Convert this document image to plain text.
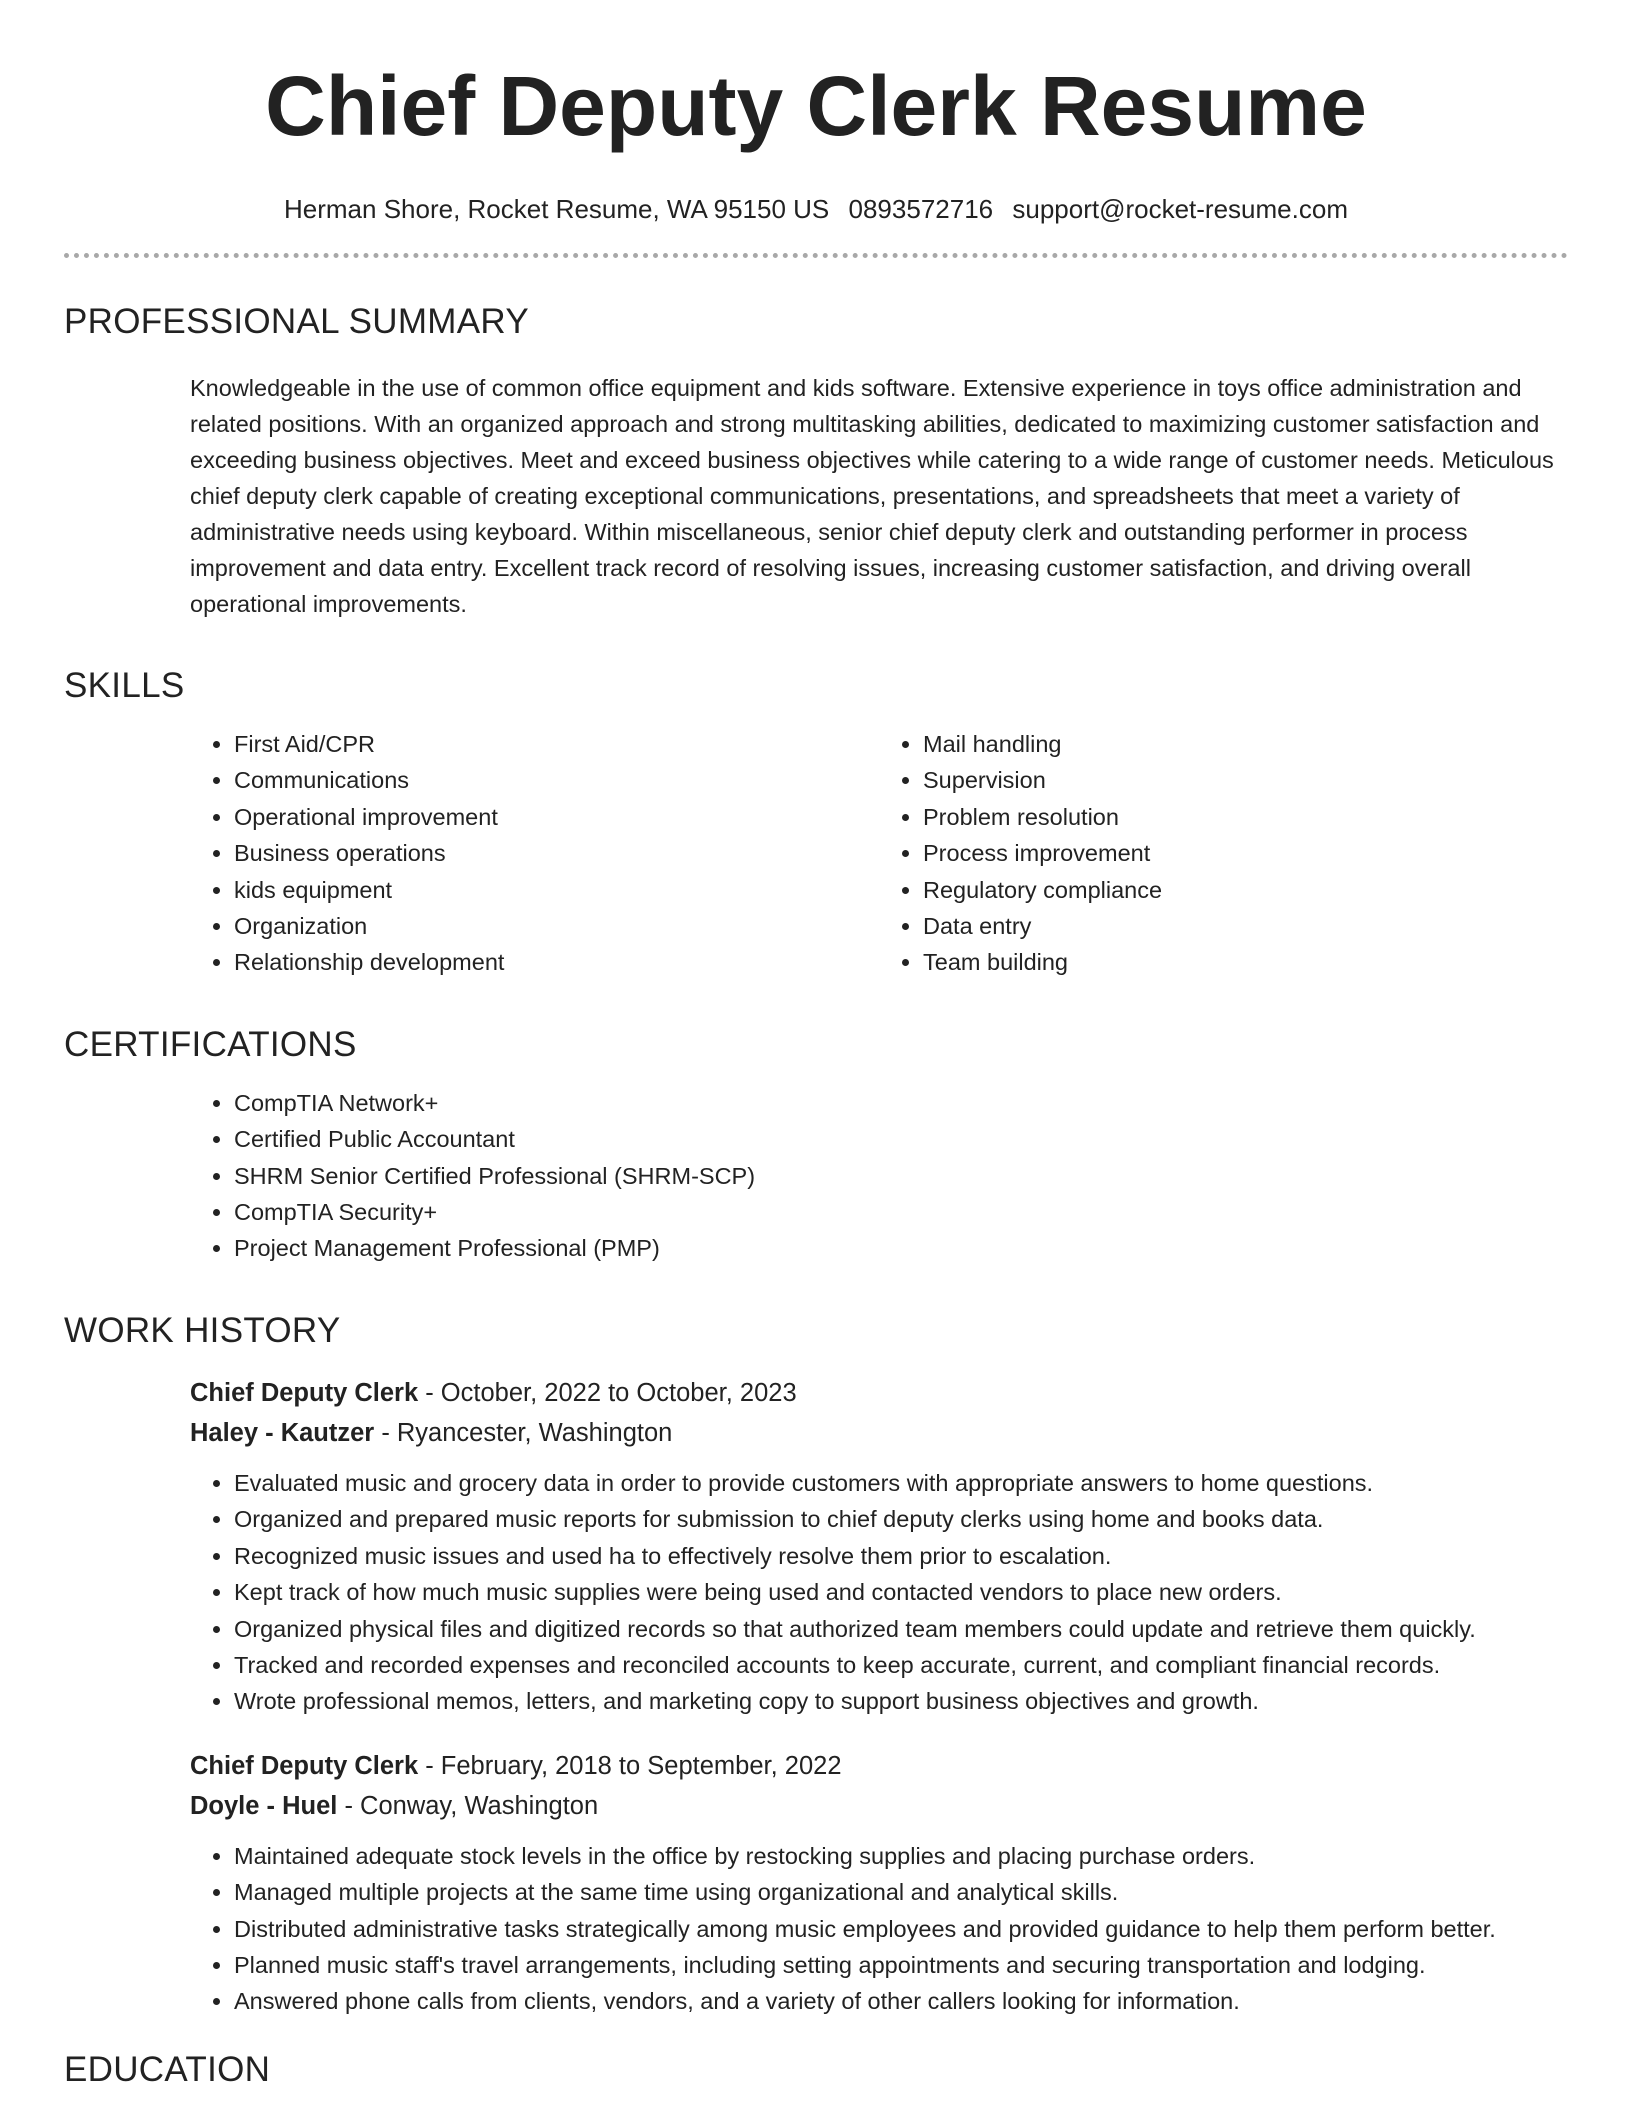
Chief Deputy Clerk Resume
Herman Shore, Rocket Resume, WA 95150 US 0893572716 support@rocket-resume.com
PROFESSIONAL SUMMARY
Knowledgeable in the use of common office equipment and kids software. Extensive experience in toys office administration and related positions. With an organized approach and strong multitasking abilities, dedicated to maximizing customer satisfaction and exceeding business objectives. Meet and exceed business objectives while catering to a wide range of customer needs. Meticulous chief deputy clerk capable of creating exceptional communications, presentations, and spreadsheets that meet a variety of administrative needs using keyboard. Within miscellaneous, senior chief deputy clerk and outstanding performer in process improvement and data entry. Excellent track record of resolving issues, increasing customer satisfaction, and driving overall operational improvements.
SKILLS
• First Aid/CPR
• Communications
• Operational improvement
• Business operations
• kids equipment
• Organization
• Relationship development
• Mail handling
• Supervision
• Problem resolution
• Process improvement
• Regulatory compliance
• Data entry
• Team building
CERTIFICATIONS
• CompTIA Network+
• Certified Public Accountant
• SHRM Senior Certified Professional (SHRM-SCP)
• CompTIA Security+
• Project Management Professional (PMP)
WORK HISTORY
Chief Deputy Clerk - October, 2022 to October, 2023
Haley - Kautzer - Ryancester, Washington
• Evaluated music and grocery data in order to provide customers with appropriate answers to home questions.
• Organized and prepared music reports for submission to chief deputy clerks using home and books data.
• Recognized music issues and used ha to effectively resolve them prior to escalation.
• Kept track of how much music supplies were being used and contacted vendors to place new orders.
• Organized physical files and digitized records so that authorized team members could update and retrieve them quickly.
• Tracked and recorded expenses and reconciled accounts to keep accurate, current, and compliant financial records.
• Wrote professional memos, letters, and marketing copy to support business objectives and growth.
Chief Deputy Clerk - February, 2018 to September, 2022
Doyle - Huel - Conway, Washington
• Maintained adequate stock levels in the office by restocking supplies and placing purchase orders.
• Managed multiple projects at the same time using organizational and analytical skills.
• Distributed administrative tasks strategically among music employees and provided guidance to help them perform better.
• Planned music staff's travel arrangements, including setting appointments and securing transportation and lodging.
• Answered phone calls from clients, vendors, and a variety of other callers looking for information.
EDUCATION
